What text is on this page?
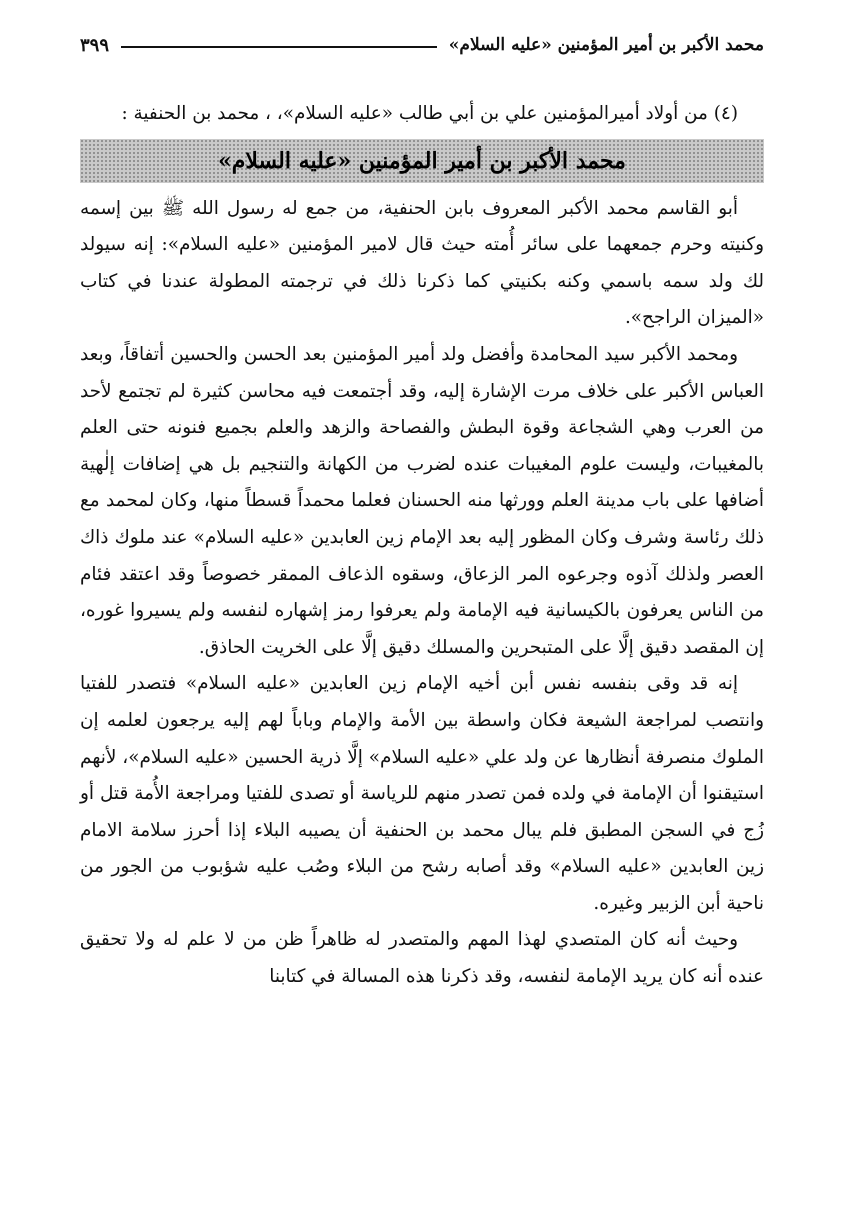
محمد الأكبر بن أمير المؤمنين «عليه السلام»
٣٩٩

(٤) من أولاد أميرالمؤمنين علي بن أبي طالب «عليه السلام»، ، محمد بن الحنفية :

محمد الأكبر بن أمير المؤمنين «عليه السلام»

أبو القاسم محمد الأكبر المعروف بابن الحنفية، من جمع له رسول الله ﷺ بين إسمه وكنيته وحرم جمعهما على سائر أُمته حيث قال لامير المؤمنين «عليه السلام»: إنه سيولد لك ولد سمه باسمي وكنه بكنيتي كما ذكرنا ذلك في ترجمته المطولة عندنا في كتاب «الميزان الراجح».

ومحمد الأكبر سيد المحامدة وأفضل ولد أمير المؤمنين بعد الحسن والحسين أتفاقاً، وبعد العباس الأكبر على خلاف مرت الإشارة إليه، وقد أجتمعت فيه محاسن كثيرة لم تجتمع لأحد من العرب وهي الشجاعة وقوة البطش والفصاحة والزهد والعلم بجميع فنونه حتى العلم بالمغيبات، وليست علوم المغيبات عنده لضرب من الكهانة والتنجيم بل هي إضافات إلٰهية أضافها على باب مدينة العلم وورثها منه الحسنان فعلما محمداً قسطاً منها، وكان لمحمد مع ذلك رئاسة وشرف وكان المظور إليه بعد الإمام زين العابدين «عليه السلام» عند ملوك ذاك العصر ولذلك آذوه وجرعوه المر الزعاق، وسقوه الذعاف الممقر خصوصاً وقد اعتقد فئام من الناس يعرفون بالكيسانية فيه الإمامة ولم يعرفوا رمز إشهاره لنفسه ولم يسيروا غوره، إن المقصد دقيق إلَّا على المتبحرين والمسلك دقيق إلَّا على الخريت الحاذق.

إنه قد وقى بنفسه نفس أبن أخيه الإمام زين العابدين «عليه السلام» فتصدر للفتيا وانتصب لمراجعة الشيعة فكان واسطة بين الأمة والإمام وباباً لهم إليه يرجعون لعلمه إن الملوك منصرفة أنظارها عن ولد علي «عليه السلام» إلَّا ذرية الحسين «عليه السلام»، لأنهم استيقنوا أن الإمامة في ولده فمن تصدر منهم للرياسة أو تصدى للفتيا ومراجعة الأُمة قتل أو زُج في السجن المطبق فلم يبال محمد بن الحنفية أن يصيبه البلاء إذا أحرز سلامة الامام زين العابدين «عليه السلام» وقد أصابه رشح من البلاء وصُب عليه شؤبوب من الجور من ناحية أبن الزبير وغيره.

وحيث أنه كان المتصدي لهذا المهم والمتصدر له ظاهراً ظن من لا علم له ولا تحقيق عنده أنه كان يريد الإمامة لنفسه، وقد ذكرنا هذه المسالة في كتابنا
